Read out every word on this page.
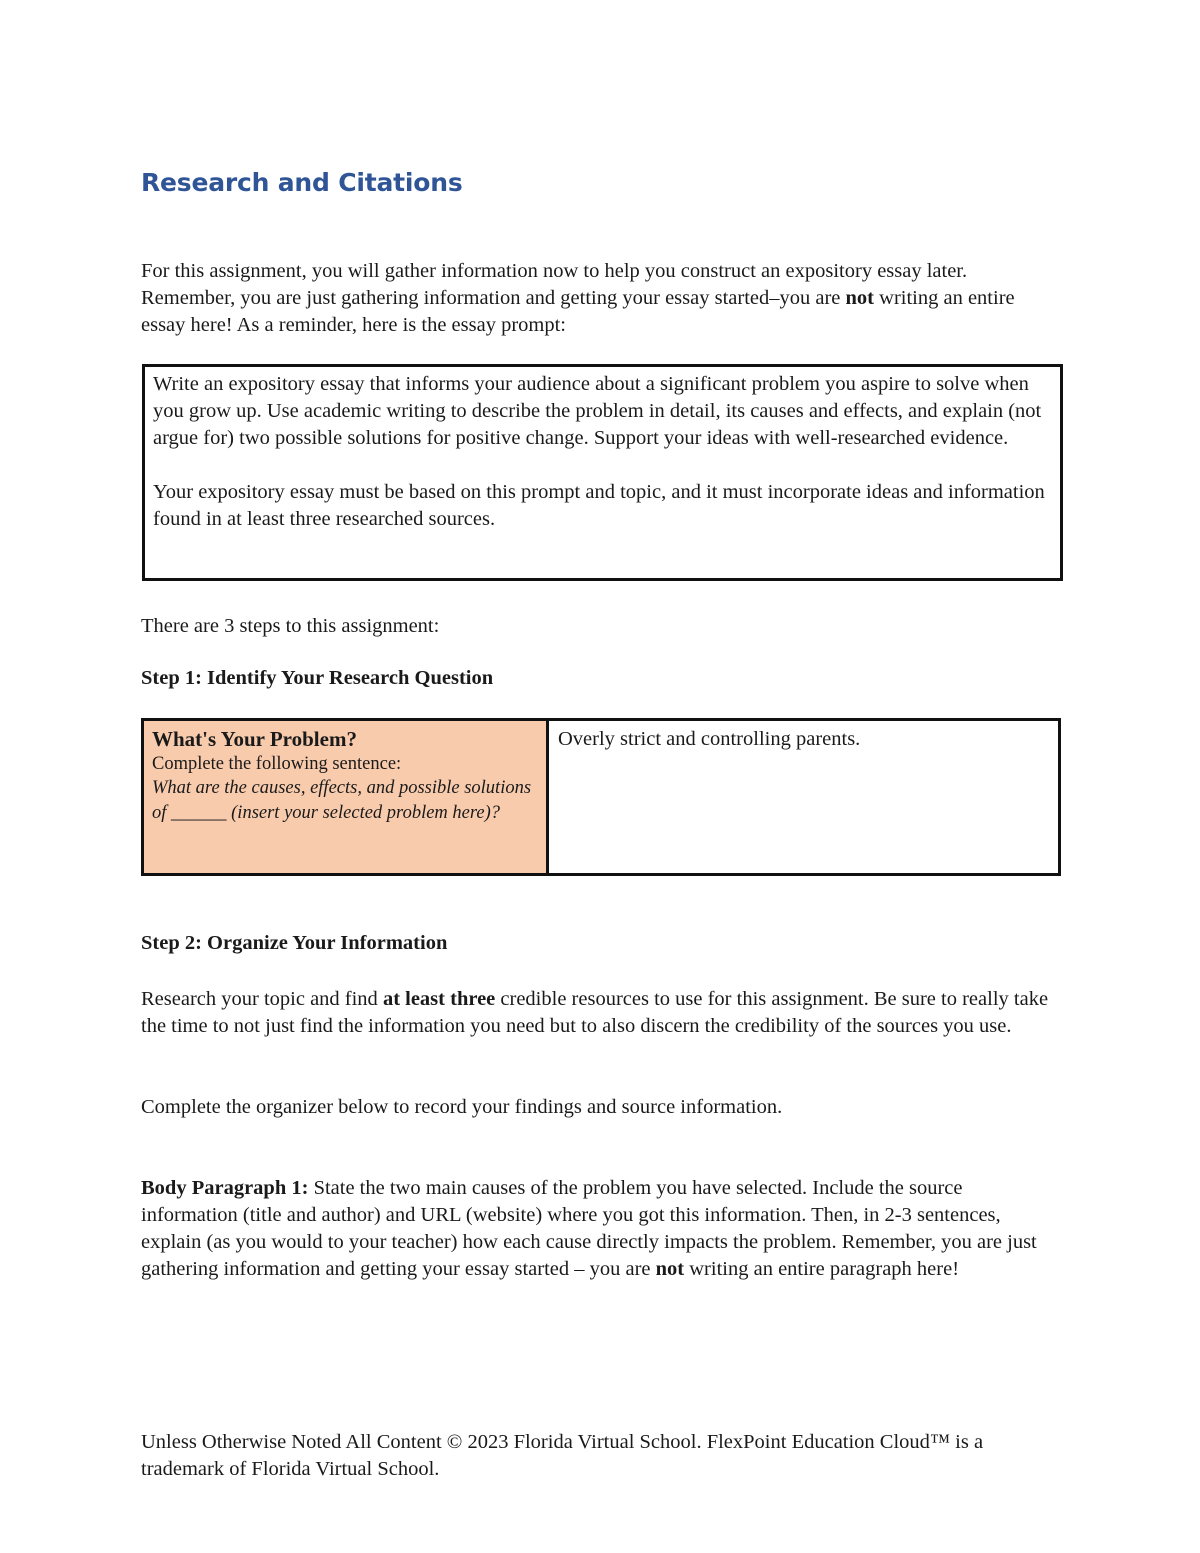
Research and Citations

For this assignment, you will gather information now to help you construct an expository essay later. Remember, you are just gathering information and getting your essay started–you are not writing an entire essay here! As a reminder, here is the essay prompt:

Write an expository essay that informs your audience about a significant problem you aspire to solve when you grow up. Use academic writing to describe the problem in detail, its causes and effects, and explain (not argue for) two possible solutions for positive change. Support your ideas with well-researched evidence.

Your expository essay must be based on this prompt and topic, and it must incorporate ideas and information found in at least three researched sources.

There are 3 steps to this assignment:

Step 1: Identify Your Research Question

What's Your Problem?
Complete the following sentence:
What are the causes, effects, and possible solutions of ______ (insert your selected problem here)?
Overly strict and controlling parents.

Step 2: Organize Your Information

Research your topic and find at least three credible resources to use for this assignment. Be sure to really take the time to not just find the information you need but to also discern the credibility of the sources you use.

Complete the organizer below to record your findings and source information.

Body Paragraph 1: State the two main causes of the problem you have selected. Include the source information (title and author) and URL (website) where you got this information. Then, in 2-3 sentences, explain (as you would to your teacher) how each cause directly impacts the problem. Remember, you are just gathering information and getting your essay started – you are not writing an entire paragraph here!

Unless Otherwise Noted All Content © 2023 Florida Virtual School. FlexPoint Education Cloud™ is a trademark of Florida Virtual School.
